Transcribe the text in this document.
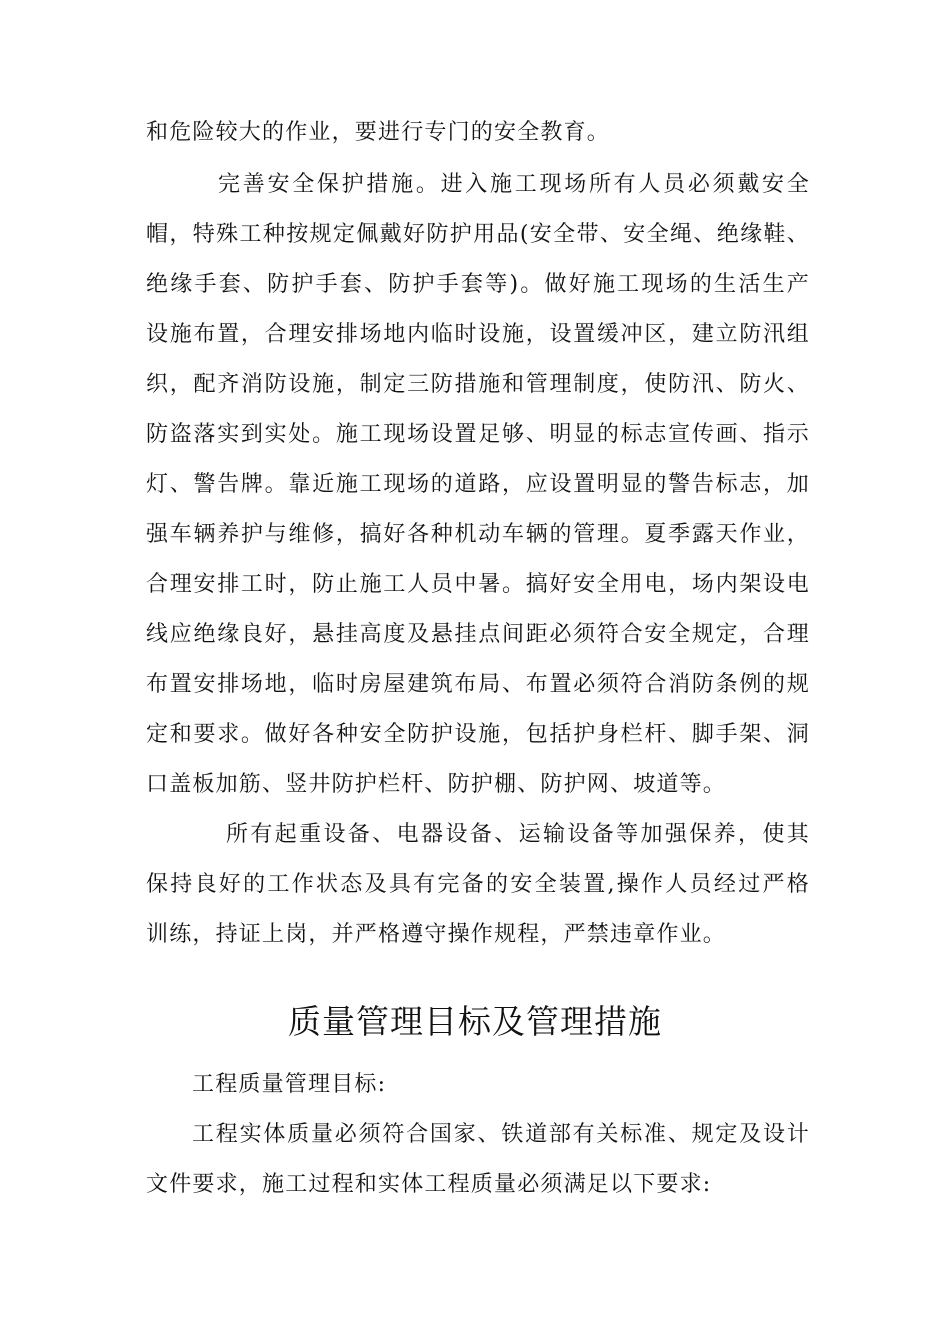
和危险较大的作业，要进行专门的安全教育。
完善安全保护措施。进入施工现场所有人员必须戴安全
帽，特殊工种按规定佩戴好防护用品(安全带、安全绳、绝缘鞋、
绝缘手套、防护手套、防护手套等)。做好施工现场的生活生产
设施布置，合理安排场地内临时设施，设置缓冲区，建立防汛组
织，配齐消防设施，制定三防措施和管理制度，使防汛、防火、
防盗落实到实处。施工现场设置足够、明显的标志宣传画、指示
灯、警告牌。靠近施工现场的道路，应设置明显的警告标志，加
强车辆养护与维修，搞好各种机动车辆的管理。夏季露天作业，
合理安排工时，防止施工人员中暑。搞好安全用电，场内架设电
线应绝缘良好，悬挂高度及悬挂点间距必须符合安全规定，合理
布置安排场地，临时房屋建筑布局、布置必须符合消防条例的规
定和要求。做好各种安全防护设施，包括护身栏杆、脚手架、洞
口盖板加筋、竖井防护栏杆、防护棚、防护网、坡道等。
所有起重设备、电器设备、运输设备等加强保养，使其
保持良好的工作状态及具有完备的安全装置,操作人员经过严格
训练，持证上岗，并严格遵守操作规程，严禁违章作业。
质量管理目标及管理措施
工程质量管理目标:
工程实体质量必须符合国家、铁道部有关标准、规定及设计
文件要求，施工过程和实体工程质量必须满足以下要求:
